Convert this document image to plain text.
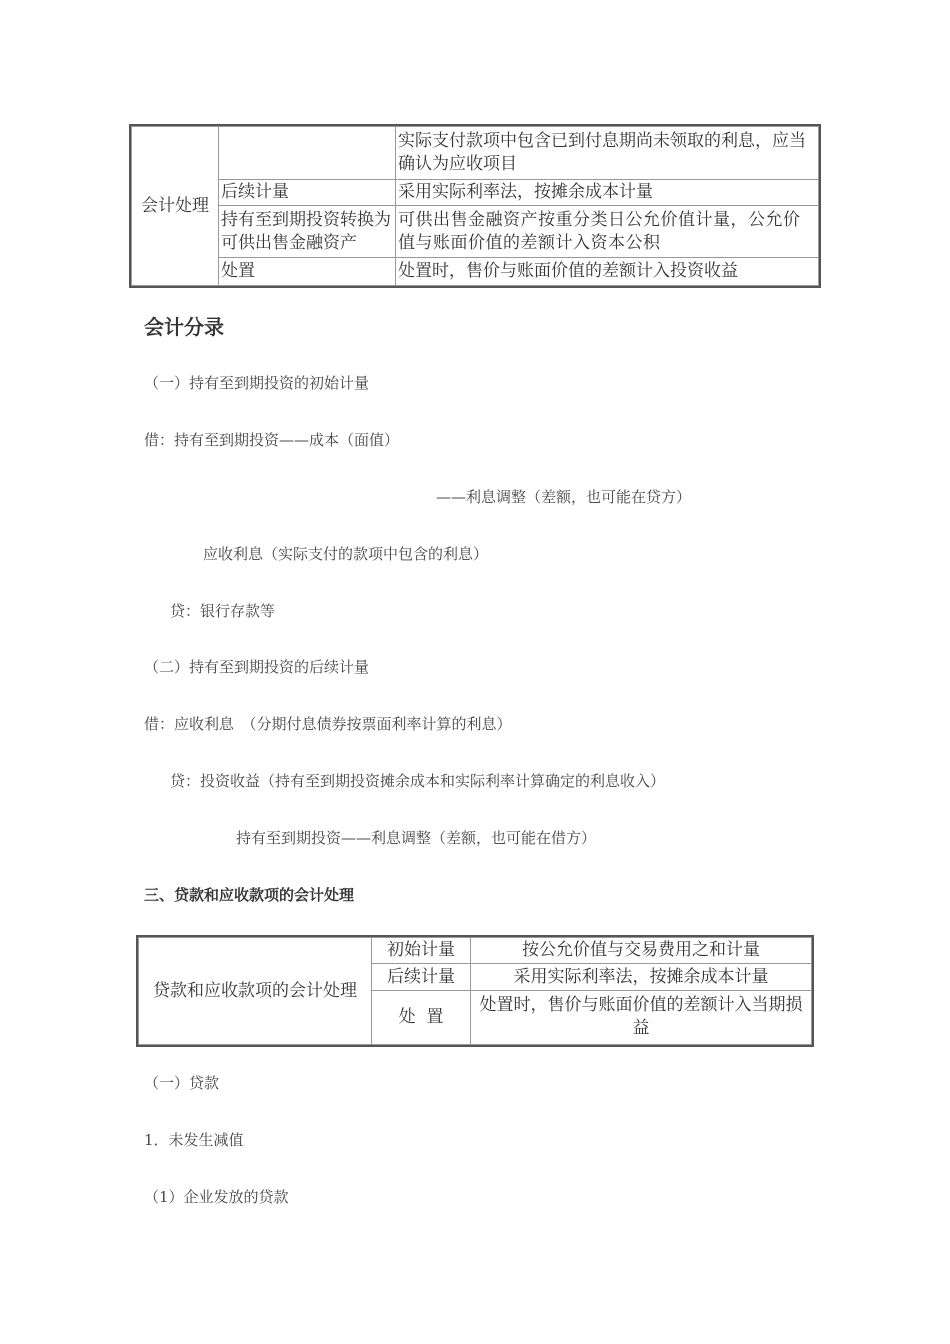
会计处理		实际支付款项中包含已到付息期尚未领取的利息，应当确认为应收项目
	后续计量	采用实际利率法，按摊余成本计量
	持有至到期投资转换为可供出售金融资产	可供出售金融资产按重分类日公允价值计量，公允价值与账面价值的差额计入资本公积
	处置	处置时，售价与账面价值的差额计入投资收益
会计分录
（一）持有至到期投资的初始计量
借：持有至到期投资——成本（面值）
——利息调整（差额，也可能在贷方）
应收利息（实际支付的款项中包含的利息）
贷：银行存款等
（二）持有至到期投资的后续计量
借：应收利息　（分期付息债券按票面利率计算的利息）
贷：投资收益（持有至到期投资摊余成本和实际利率计算确定的利息收入）
持有至到期投资——利息调整（差额，也可能在借方）
三、贷款和应收款项的会计处理
贷款和应收款项的会计处理	初始计量	按公允价值与交易费用之和计量
	后续计量	采用实际利率法，按摊余成本计量
	处  置	处置时，售价与账面价值的差额计入当期损益
（一）贷款
1．未发生减值
（1）企业发放的贷款
